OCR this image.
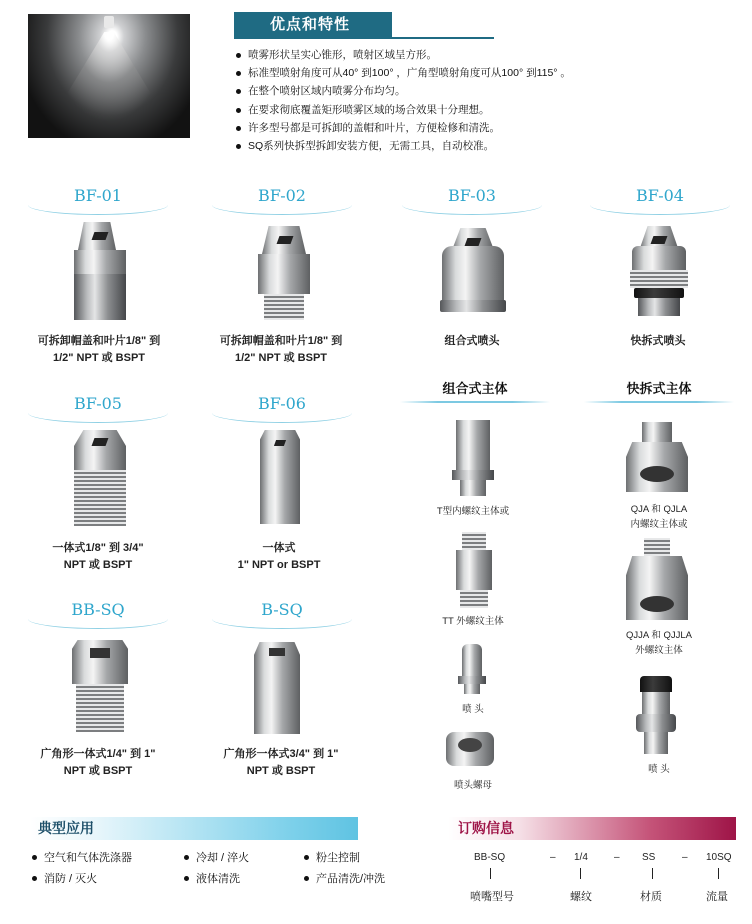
优点和特性
喷雾形状呈实心锥形，喷射区域呈方形。
标准型喷射角度可从40° 到100° ，广角型喷射角度可从100° 到115° 。
在整个喷射区域内喷雾分布均匀。
在要求彻底覆盖矩形喷雾区域的场合效果十分理想。
许多型号都是可拆卸的盖帽和叶片，方便检修和清洗。
SQ系列快拆型拆卸安装方便，无需工具，自动校准。
BF-01
可拆卸帽盖和叶片1/8" 到
1/2" NPT 或 BSPT
BF-02
可拆卸帽盖和叶片1/8" 到
1/2" NPT 或 BSPT
BF-03
组合式喷头
BF-04
快拆式喷头
组合式主体	快拆式主体
BF-05
一体式1/8" 到 3/4"
NPT 或 BSPT
BF-06
一体式
1" NPT or BSPT
T型内螺纹主体或
TT 外螺纹主体
喷 头
喷头螺母
QJA 和 QJLA
内螺纹主体或
QJJA 和 QJJLA
外螺纹主体
喷 头
BB-SQ
广角形一体式1/4" 到 1"
NPT 或 BSPT
B-SQ
广角形一体式3/4" 到 1"
NPT 或 BSPT
典型应用
空气和气体洗涤器	冷却 / 淬火	粉尘控制
消防 / 灭火	液体清洗	产品清洗/冲洗
订购信息
BB-SQ	– 1/4	– SS	– 10SQ
喷嘴型号	螺纹	材质	流量
